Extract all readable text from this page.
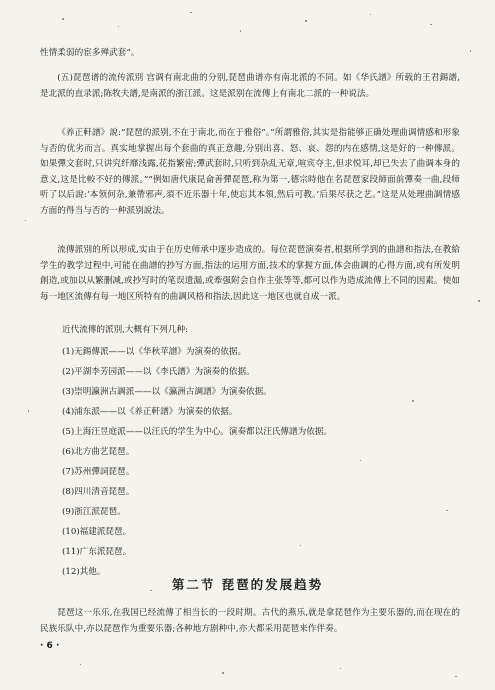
性情柔弱的宦多殚武套”。

(五)琵琶谱的流传派別 宫调有南北曲的分别,琵琶曲谱亦有南北派的不同。如《华氏譜》所载的王君錫譜,是北派的直录派;陈牧夫譜,是南派的浙江派。这是派别在流傳上有南北二派的一种说法。

《养正軒譜》說:“琵琶的派别,不在于南北,而在于雅俗”。”所謂雅俗,其实是指能够正确处理曲调情感和形象与否的优劣而言。真实地掌握出每个套曲的真正意趣,分别出喜、怒、哀、怨的内在感情,这是好的一种傳派。如果彈文套时,只讲究纤靡浅露,花指繁密;彈武套时,只听到杂乱无章,喧宾夺主,但求悦耳,却已失去了曲调本身的意义,这是比較不好的傳派。”“例如唐代康昆侖善彈琵琶,称为第一,德宗時他在名琵琶家段師面前彈奏一曲,段师听了以后說:‘本领何杂,兼帶邪声,須不近乐器十年,使忘其本領,然后可教。’后果尽获之艺。”这是从处理曲調情感方面的得当与否的一种派别說法。

流傳派別的所以形成,实由于在历史师承中逐步造成的。每位琵琶演奏者,根据所学到的曲譜和指法,在教給学生的教学过程中,可能在曲譜的抄写方面,指法的运用方面,技术的掌握方面,体会曲調的心得方面,或有所发明創造,或加以从繁删减,或抄写时的笔误遗漏,或牽强附会自作主张等等,都可以作为造成流傳上不同的因素。使如每一地区流傳有每一地区所特有的曲調风格和指法,因此这一地区也就自成一派。

近代流傳的派別,大概有下列几种:

(1)无錫傳派——以《华秋苹譜》为演奏的依据。

(2)平湖李芳园派——以《李氏譜》为演奏的依据。

(3)崇明瀛洲古調派——以《瀛洲古調譜》为演奏依据。

(4)浦东派——以《养正軒譜》为演奏的依据。

(5)上海汪昱庭派——以汪氏的学生为中心。演奏都以汪氏傳譜为依据。

(6)北方曲艺琵琶。

(7)苏州彈詞琵琶。

(8)四川清音琵琶。

(9)浙江派琵琶。

(10)福建派琵琶。

(11)广东派琵琶。

(12)其他。

第二节 琵琶的发展趋势

琵琶这一乐乐,在我国已经流傳了相当长的一段时期。古代的燕乐,就是拿琵琶作为主要乐器的,而在现在的民族乐队中,亦以琵琶作为重要乐器;各种地方剧种中,亦大都采用琵琶来作伴奏。

· 6 ·
